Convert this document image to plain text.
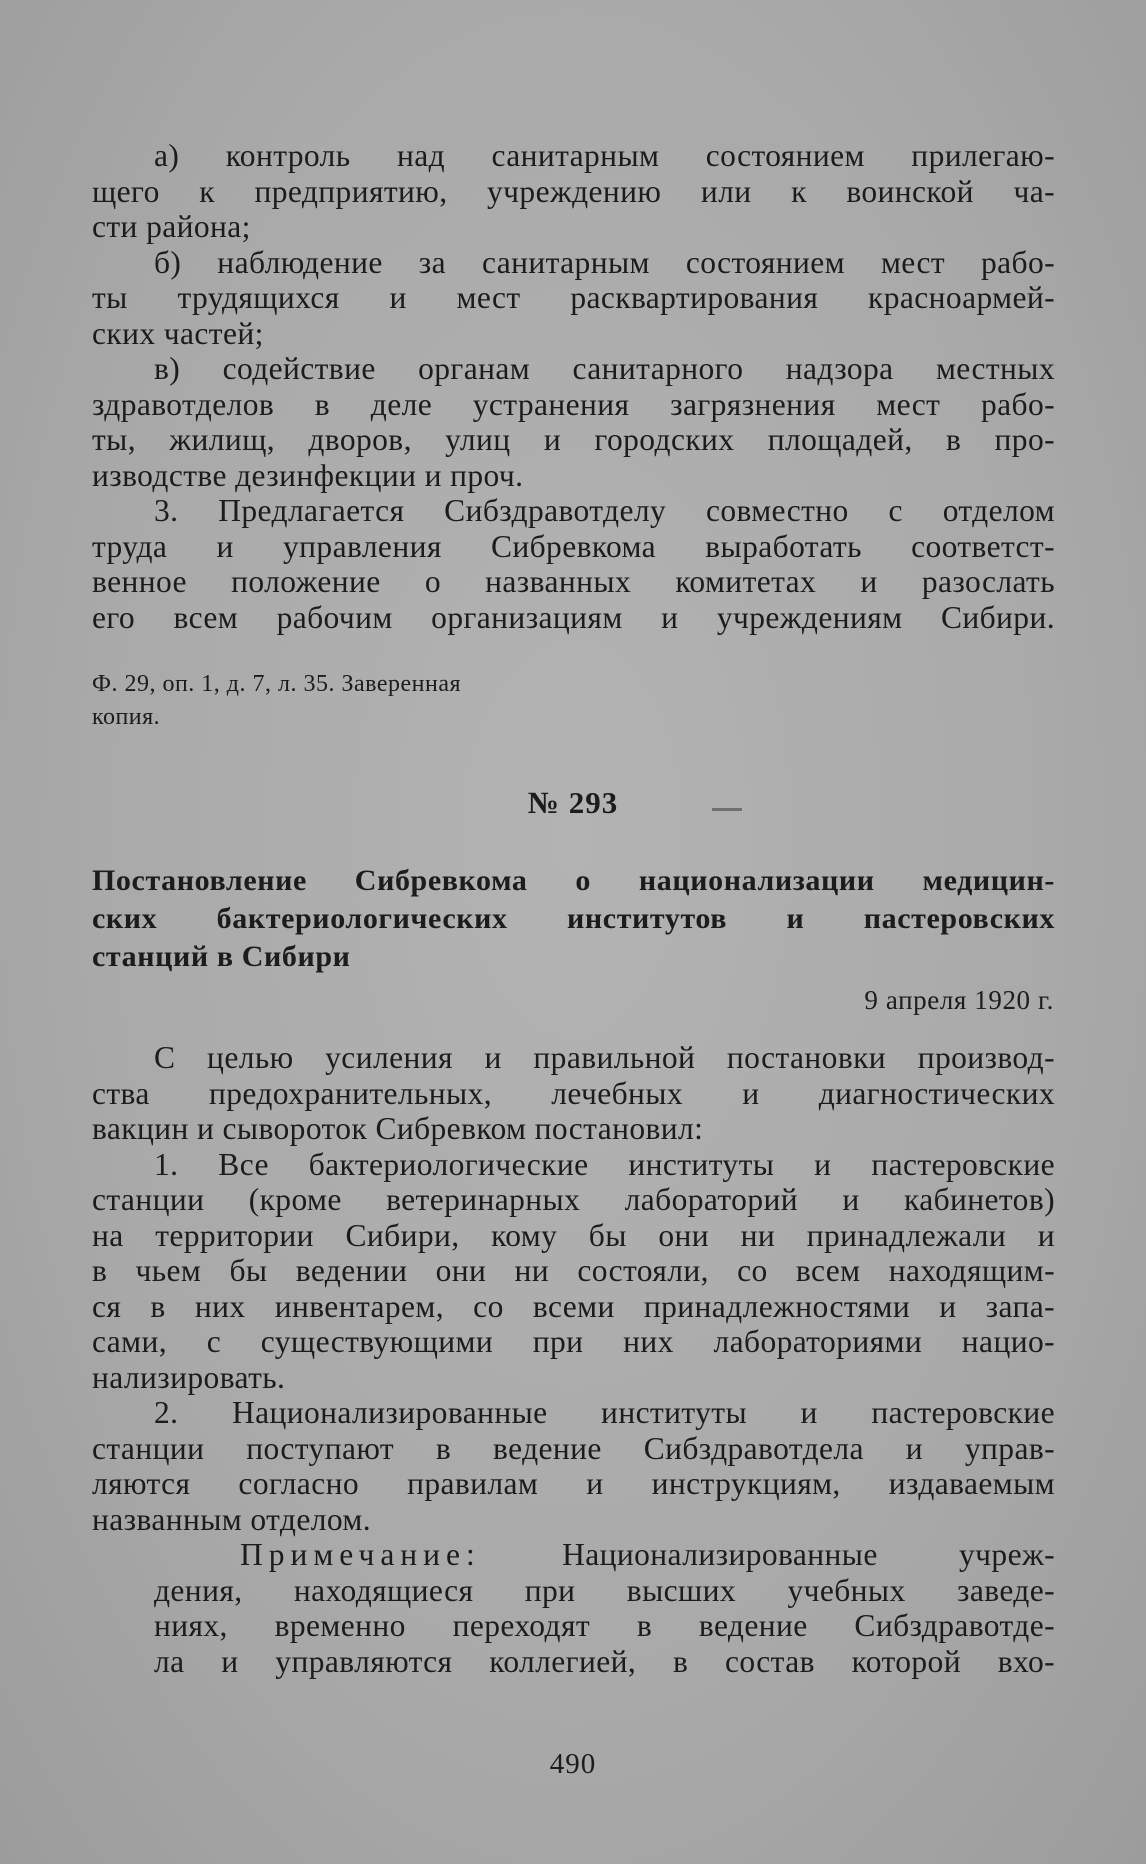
а) контроль над санитарным состоянием прилегаю-
щего к предприятию, учреждению или к воинской ча-
сти района;
б) наблюдение за санитарным состоянием мест рабо-
ты трудящихся и мест расквартирования красноармей-
ских частей;
в) содействие органам санитарного надзора местных
здравотделов в деле устранения загрязнения мест рабо-
ты, жилищ, дворов, улиц и городских площадей, в про-
изводстве дезинфекции и проч.
3. Предлагается Сибздравотделу совместно с отделом
труда и управления Сибревкома выработать соответст-
венное положение о названных комитетах и разослать
его всем рабочим организациям и учреждениям Сибири.
Ф. 29, оп. 1, д. 7, л. 35. Заверенная
копия.
№ 293
Постановление Сибревкома о национализации медицин-
ских бактериологических институтов и пастеровских
станций в Сибири
9 апреля 1920 г.
С целью усиления и правильной постановки производ-
ства предохранительных, лечебных и диагностических
вакцин и сывороток Сибревком постановил:
1. Все бактериологические институты и пастеровские
станции (кроме ветеринарных лабораторий и кабинетов)
на территории Сибири, кому бы они ни принадлежали и
в чьем бы ведении они ни состояли, со всем находящим-
ся в них инвентарем, со всеми принадлежностями и запа-
сами, с существующими при них лабораториями нацио-
нализировать.
2. Национализированные институты и пастеровские
станции поступают в ведение Сибздравотдела и управ-
ляются согласно правилам и инструкциям, издаваемым
названным отделом.
Примечание:	Национализированные учреж-
дения, находящиеся при высших учебных заведе-
ниях, временно переходят в ведение Сибздравотде-
ла и управляются коллегией, в состав которой вхо-
490
